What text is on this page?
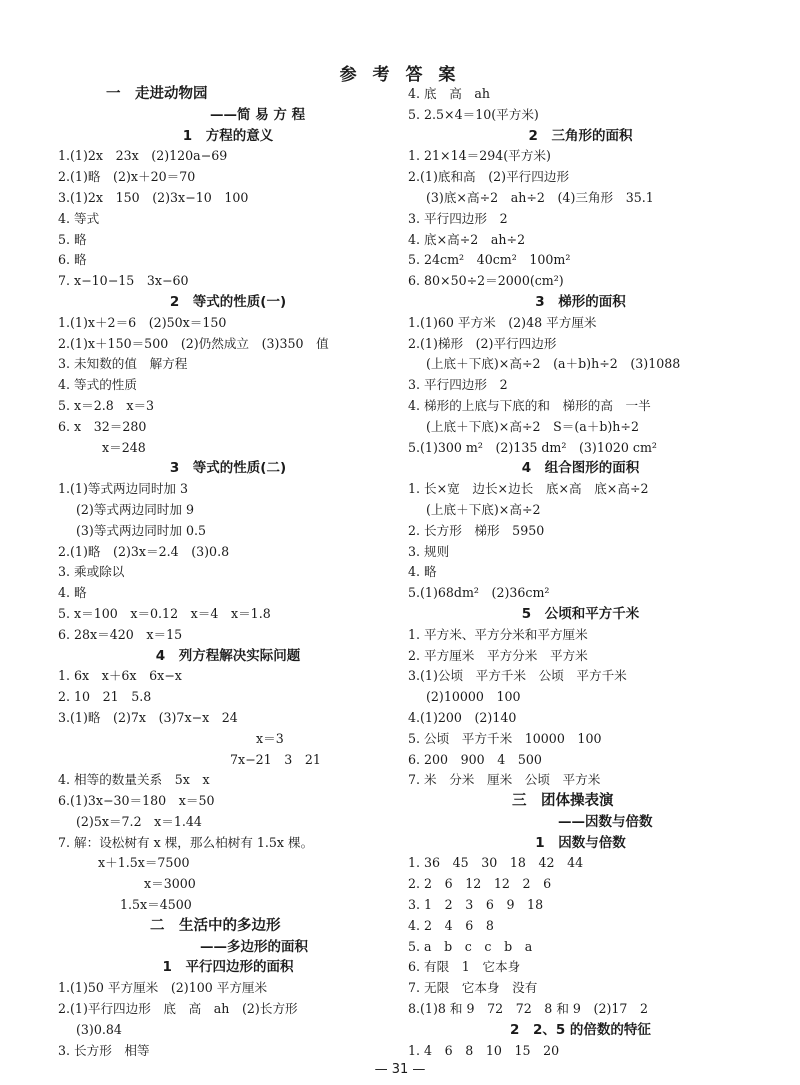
参 考 答 案
一　走进动物园
——简 易 方 程
1　方程的意义
1.(1)2x　23x　(2)120a−69
2.(1)略　(2)x＋20＝70
3.(1)2x　150　(2)3x−10　100
4. 等式
5. 略
6. 略
7. x−10−15　3x−60
2　等式的性质(一)
1.(1)x＋2＝6　(2)50x＝150
2.(1)x＋150＝500　(2)仍然成立　(3)350　值
3. 未知数的值　解方程
4. 等式的性质
5. x＝2.8　x＝3
6. x　32＝280
x＝248
3　等式的性质(二)
1.(1)等式两边同时加 3
(2)等式两边同时加 9
(3)等式两边同时加 0.5
2.(1)略　(2)3x＝2.4　(3)0.8
3. 乘或除以
4. 略
5. x＝100　x＝0.12　x＝4　x＝1.8
6. 28x＝420　x＝15
4　列方程解决实际问题
1. 6x　x＋6x　6x−x
2. 10　21　5.8
3.(1)略　(2)7x　(3)7x−x　24
x＝3
7x−21　3　21
4. 相等的数量关系　5x　x
6.(1)3x−30＝180　x＝50
(2)5x＝7.2　x＝1.44
7. 解：设松树有 x 棵，那么柏树有 1.5x 棵。
x＋1.5x＝7500
x＝3000
1.5x＝4500
二　生活中的多边形
——多边形的面积
1　平行四边形的面积
1.(1)50 平方厘米　(2)100 平方厘米
2.(1)平行四边形　底　高　ah　(2)长方形
(3)0.84
3. 长方形　相等
4. 底　高　ah
5. 2.5×4＝10(平方米)
2　三角形的面积
1. 21×14＝294(平方米)
2.(1)底和高　(2)平行四边形
(3)底×高÷2　ah÷2　(4)三角形　35.1
3. 平行四边形　2
4. 底×高÷2　ah÷2
5. 24cm²　40cm²　100m²
6. 80×50÷2＝2000(cm²)
3　梯形的面积
1.(1)60 平方米　(2)48 平方厘米
2.(1)梯形　(2)平行四边形
(上底＋下底)×高÷2　(a＋b)h÷2　(3)1088
3. 平行四边形　2
4. 梯形的上底与下底的和　梯形的高　一半
(上底＋下底)×高÷2　S＝(a＋b)h÷2
5.(1)300 m²　(2)135 dm²　(3)1020 cm²
4　组合图形的面积
1. 长×宽　边长×边长　底×高　底×高÷2
(上底＋下底)×高÷2
2. 长方形　梯形　5950
3. 规则
4. 略
5.(1)68dm²　(2)36cm²
5　公顷和平方千米
1. 平方米、平方分米和平方厘米
2. 平方厘米　平方分米　平方米
3.(1)公顷　平方千米　公顷　平方千米
(2)10000　100
4.(1)200　(2)140
5. 公顷　平方千米　10000　100
6. 200　900　4　500
7. 米　分米　厘米　公顷　平方米
三　团体操表演
——因数与倍数
1　因数与倍数
1. 36　45　30　18　42　44
2. 2　6　12　12　2　6
3. 1　2　3　6　9　18
4. 2　4　6　8
5. a　b　c　c　b　a
6. 有限　1　它本身
7. 无限　它本身　没有
8.(1)8 和 9　72　72　8 和 9　(2)17　2
2　2、5 的倍数的特征
1. 4　6　8　10　15　20
— 31 —
